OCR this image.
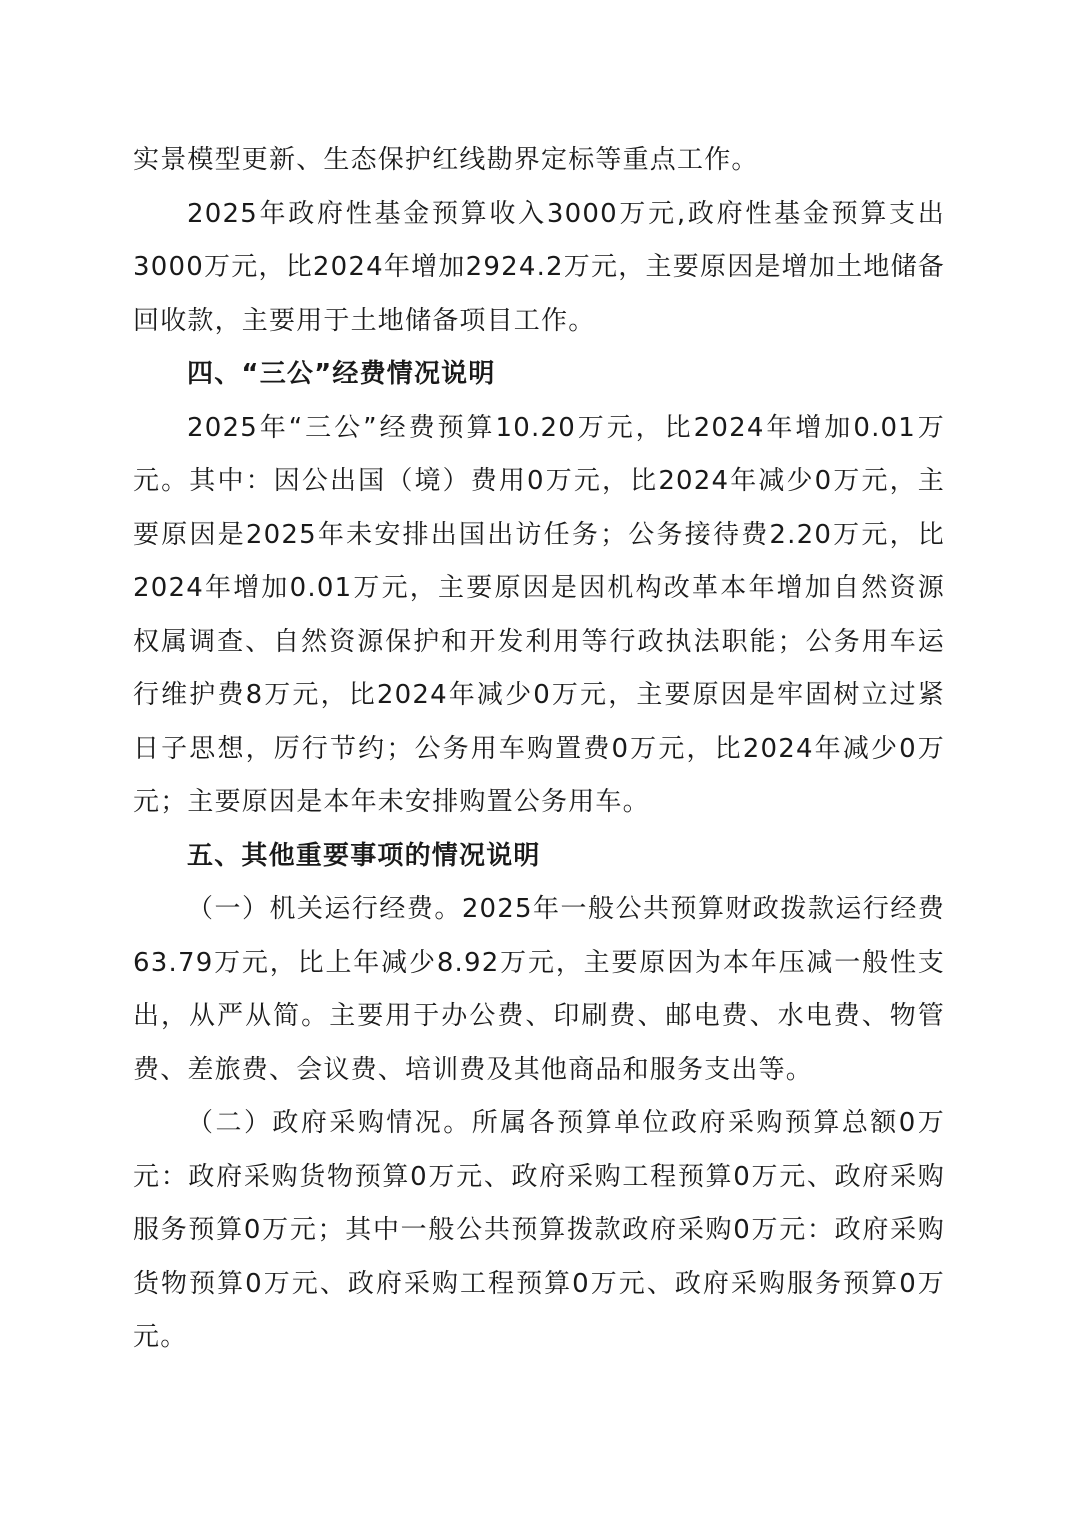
实景模型更新、生态保护红线勘界定标等重点工作。

2025年政府性基金预算收入3000万元,政府性基金预算支出3000万元，比2024年增加2924.2万元，主要原因是增加土地储备回收款，主要用于土地储备项目工作。

四、“三公”经费情况说明

2025年“三公”经费预算10.20万元，比2024年增加0.01万元。其中：因公出国（境）费用0万元，比2024年减少0万元，主要原因是2025年未安排出国出访任务；公务接待费2.20万元，比2024年增加0.01万元，主要原因是因机构改革本年增加自然资源权属调查、自然资源保护和开发利用等行政执法职能；公务用车运行维护费8万元，比2024年减少0万元，主要原因是牢固树立过紧日子思想，厉行节约；公务用车购置费0万元，比2024年减少0万元；主要原因是本年未安排购置公务用车。

五、其他重要事项的情况说明

（一）机关运行经费。2025年一般公共预算财政拨款运行经费63.79万元，比上年减少8.92万元，主要原因为本年压减一般性支出，从严从简。主要用于办公费、印刷费、邮电费、水电费、物管费、差旅费、会议费、培训费及其他商品和服务支出等。

（二）政府采购情况。所属各预算单位政府采购预算总额0万元：政府采购货物预算0万元、政府采购工程预算0万元、政府采购服务预算0万元；其中一般公共预算拨款政府采购0万元：政府采购货物预算0万元、政府采购工程预算0万元、政府采购服务预算0万元。
